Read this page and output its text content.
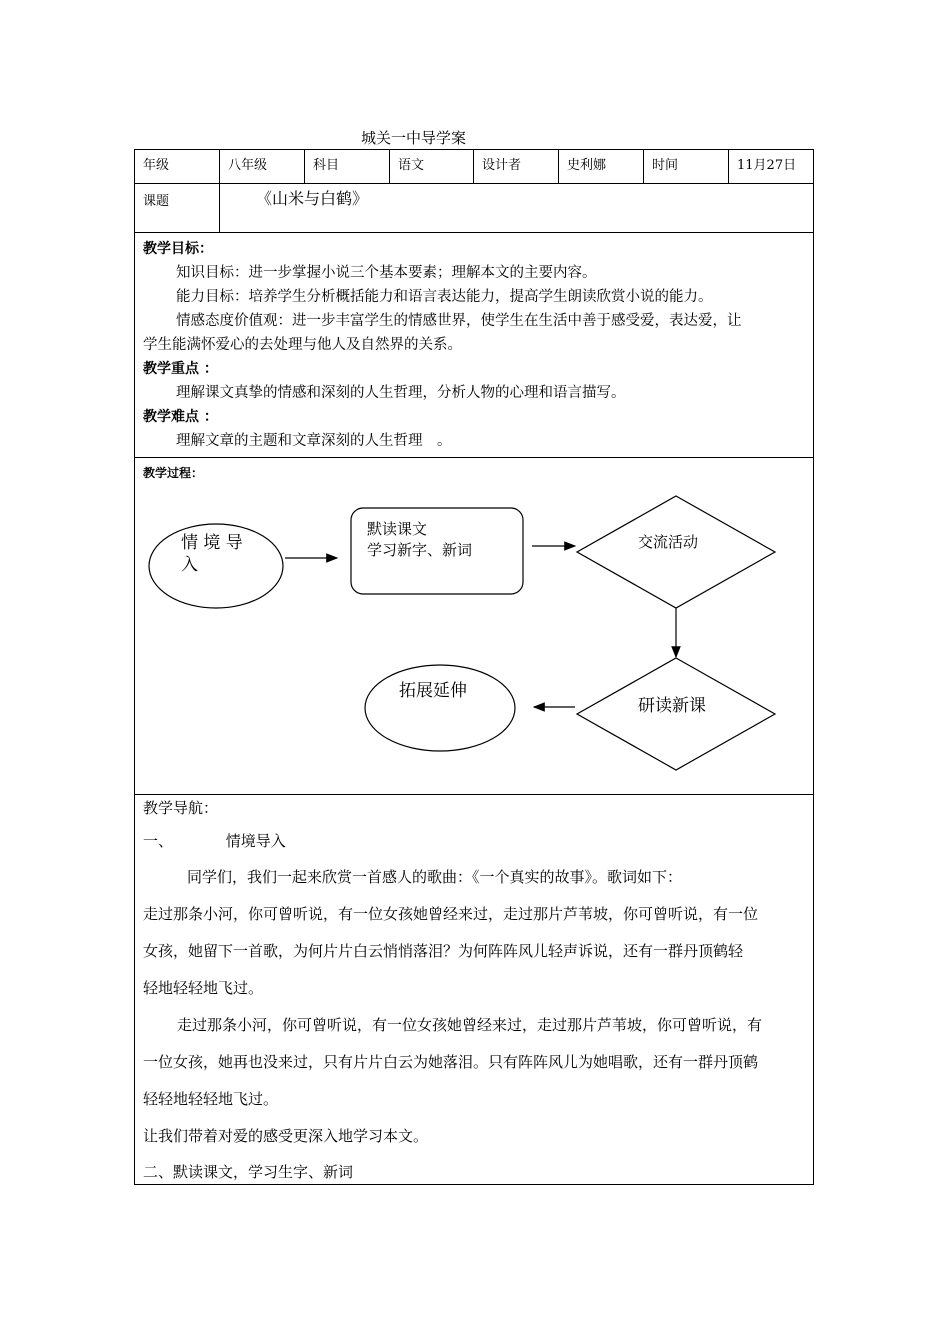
城关一中导学案
年级	八年级	科目	语文	设计者	史利娜	时间	11月27日
课题	《山米与白鹤》
教学目标：
知识目标：进一步掌握小说三个基本要素；理解本文的主要内容。
能力目标：培养学生分析概括能力和语言表达能力，提高学生朗读欣赏小说的能力。
情感态度价值观：进一步丰富学生的情感世界，使学生在生活中善于感受爱，表达爱，让
学生能满怀爱心的去处理与他人及自然界的关系。
教学重点 ：
理解课文真挚的情感和深刻的人生哲理，分析人物的心理和语言描写。
教学难点 ：
理解文章的主题和文章深刻的人生哲理　。
教学过程：
情 境 导
入
默读课文
学习新字、新词	交流活动
研读新课
拓展延伸

教学导航：

一、	情境导入

同学们，我们一起来欣赏一首感人的歌曲：《一个真实的故事》。歌词如下：

走过那条小河，你可曾听说，有一位女孩她曾经来过，走过那片芦苇坡，你可曾听说，有一位

女孩，她留下一首歌，为何片片白云悄悄落泪？为何阵阵风儿轻声诉说，还有一群丹顶鹤轻

轻地轻轻地飞过。

走过那条小河，你可曾听说，有一位女孩她曾经来过，走过那片芦苇坡，你可曾听说，有

一位女孩，她再也没来过，只有片片白云为她落泪。只有阵阵风儿为她唱歌，还有一群丹顶鹤

轻轻地轻轻地飞过。

让我们带着对爱的感受更深入地学习本文。

二、默读课文，学习生字、新词
